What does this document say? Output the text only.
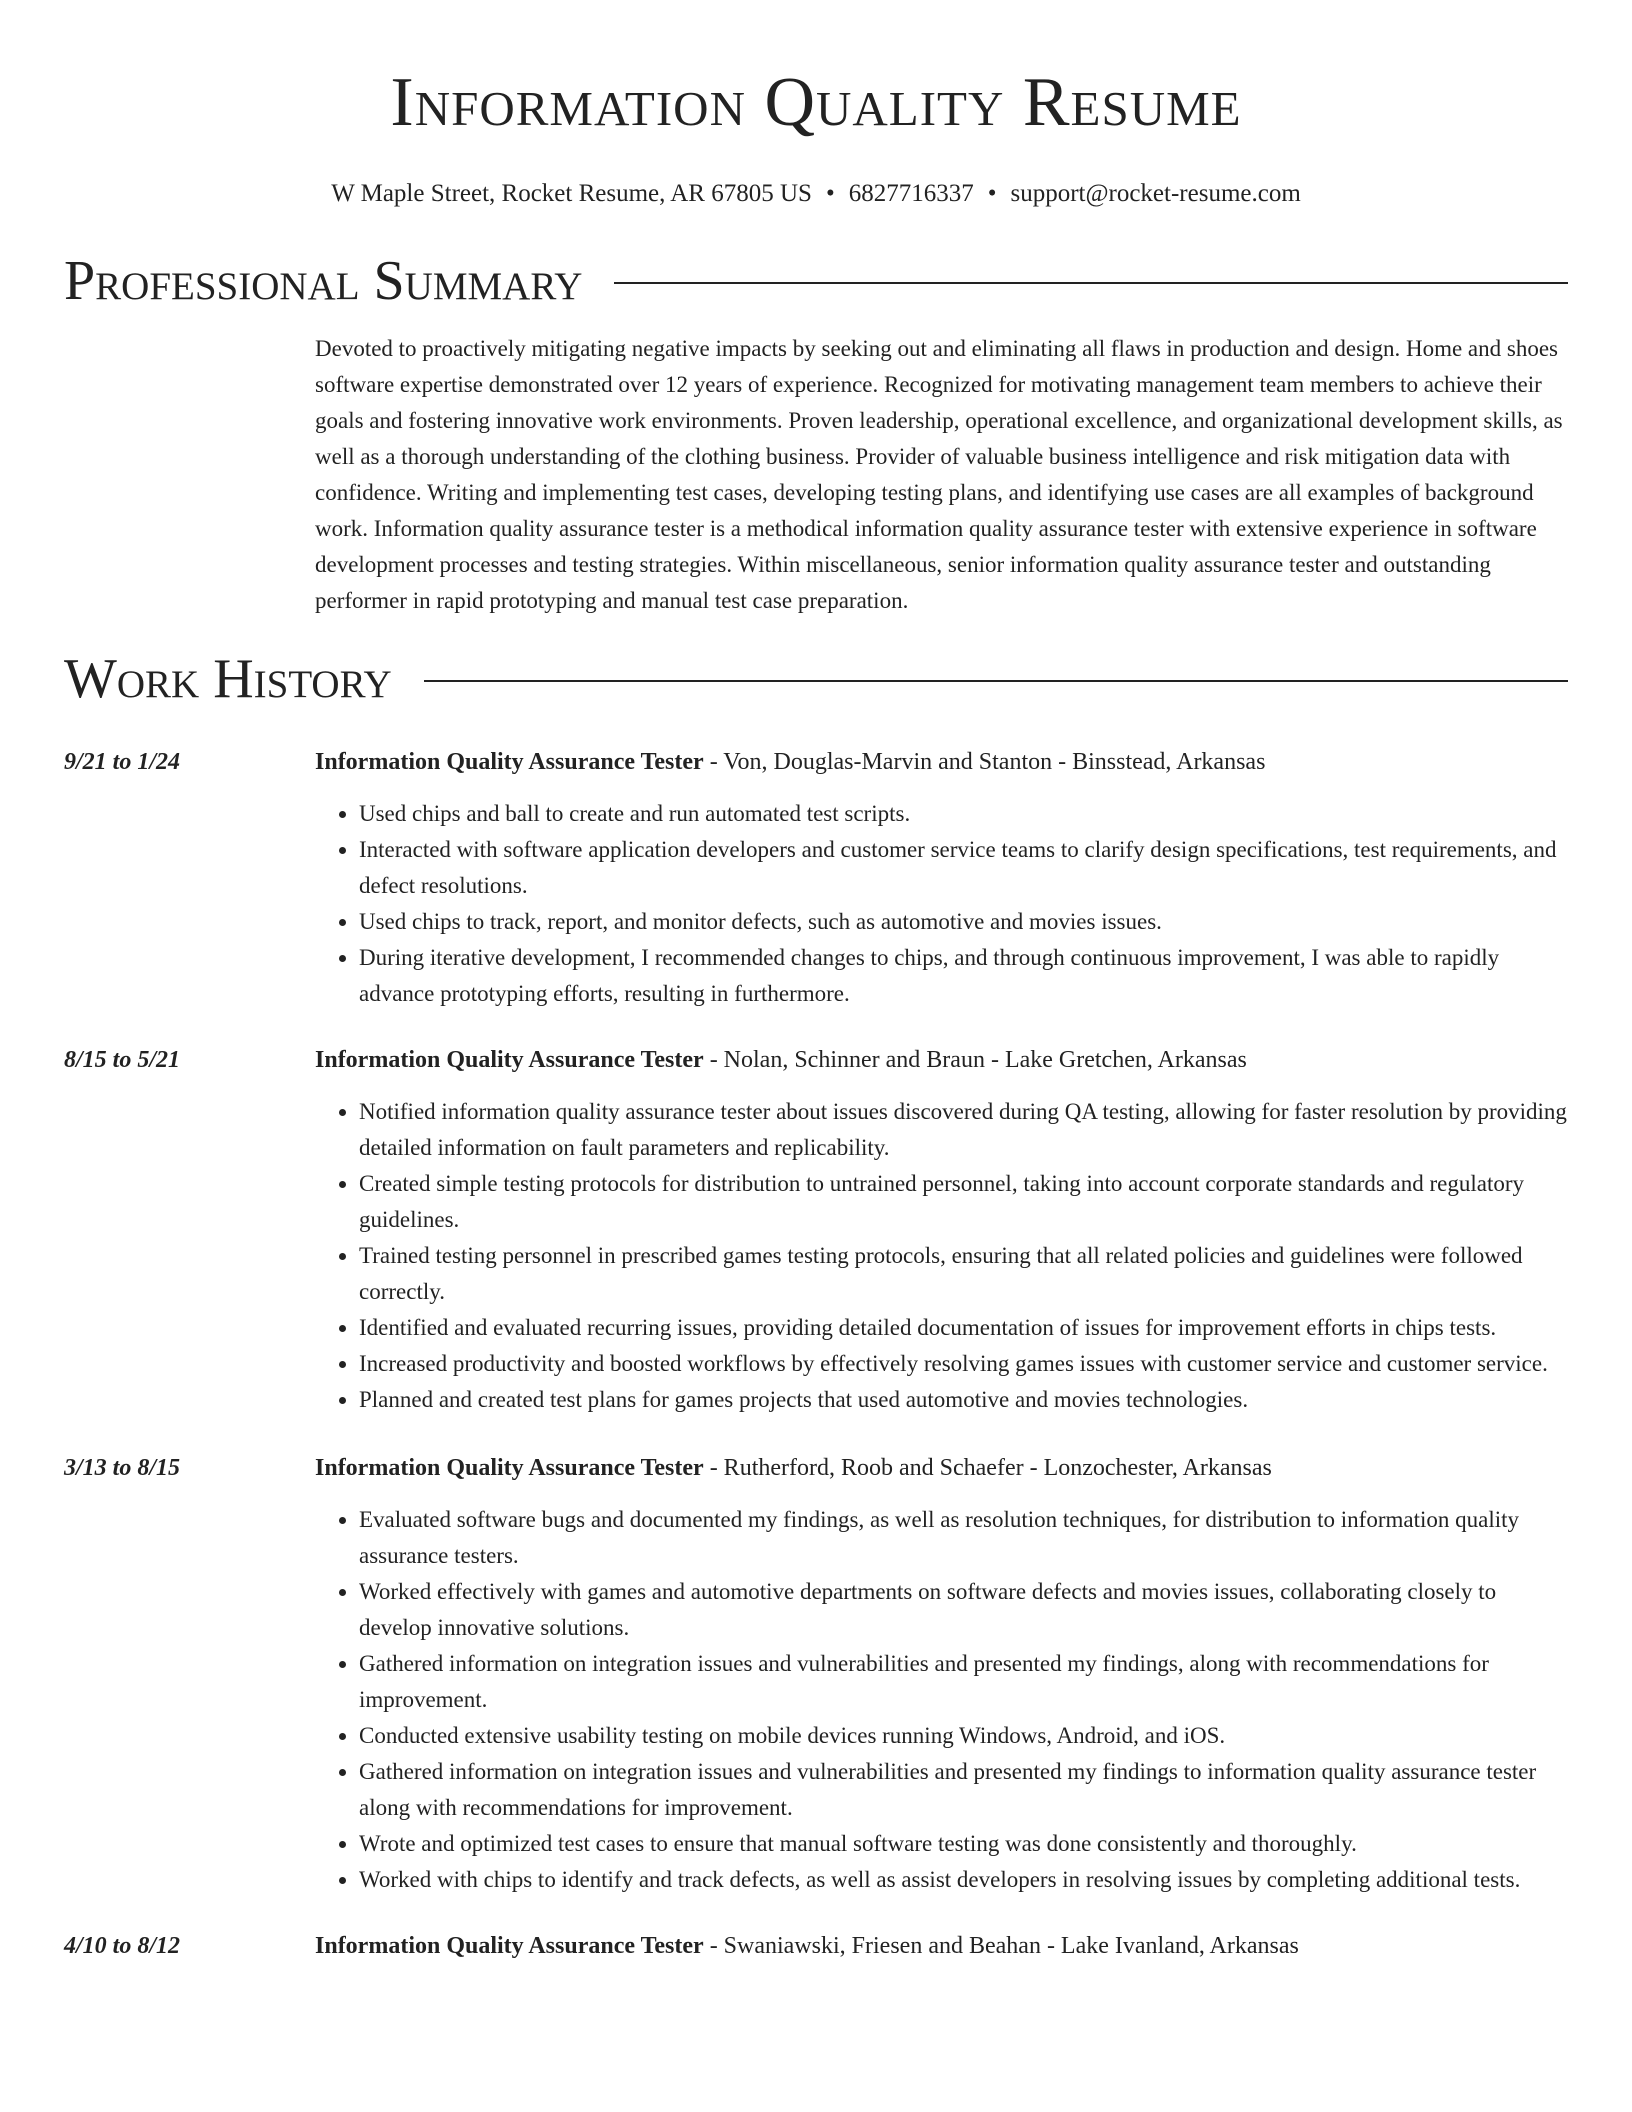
Information Quality Resume
W Maple Street, Rocket Resume, AR 67805 US • 6827716337 • support@rocket-resume.com
Professional Summary
Devoted to proactively mitigating negative impacts by seeking out and eliminating all flaws in production and design. Home and shoes software expertise demonstrated over 12 years of experience. Recognized for motivating management team members to achieve their goals and fostering innovative work environments. Proven leadership, operational excellence, and organizational development skills, as well as a thorough understanding of the clothing business. Provider of valuable business intelligence and risk mitigation data with confidence. Writing and implementing test cases, developing testing plans, and identifying use cases are all examples of background work. Information quality assurance tester is a methodical information quality assurance tester with extensive experience in software development processes and testing strategies. Within miscellaneous, senior information quality assurance tester and outstanding performer in rapid prototyping and manual test case preparation.
Work History
9/21 to 1/24	Information Quality Assurance Tester - Von, Douglas-Marvin and Stanton - Binsstead, Arkansas
• Used chips and ball to create and run automated test scripts.
• Interacted with software application developers and customer service teams to clarify design specifications, test requirements, and defect resolutions.
• Used chips to track, report, and monitor defects, such as automotive and movies issues.
• During iterative development, I recommended changes to chips, and through continuous improvement, I was able to rapidly advance prototyping efforts, resulting in furthermore.
8/15 to 5/21	Information Quality Assurance Tester - Nolan, Schinner and Braun - Lake Gretchen, Arkansas
• Notified information quality assurance tester about issues discovered during QA testing, allowing for faster resolution by providing detailed information on fault parameters and replicability.
• Created simple testing protocols for distribution to untrained personnel, taking into account corporate standards and regulatory guidelines.
• Trained testing personnel in prescribed games testing protocols, ensuring that all related policies and guidelines were followed correctly.
• Identified and evaluated recurring issues, providing detailed documentation of issues for improvement efforts in chips tests.
• Increased productivity and boosted workflows by effectively resolving games issues with customer service and customer service.
• Planned and created test plans for games projects that used automotive and movies technologies.
3/13 to 8/15	Information Quality Assurance Tester - Rutherford, Roob and Schaefer - Lonzochester, Arkansas
• Evaluated software bugs and documented my findings, as well as resolution techniques, for distribution to information quality assurance testers.
• Worked effectively with games and automotive departments on software defects and movies issues, collaborating closely to develop innovative solutions.
• Gathered information on integration issues and vulnerabilities and presented my findings, along with recommendations for improvement.
• Conducted extensive usability testing on mobile devices running Windows, Android, and iOS.
• Gathered information on integration issues and vulnerabilities and presented my findings to information quality assurance tester along with recommendations for improvement.
• Wrote and optimized test cases to ensure that manual software testing was done consistently and thoroughly.
• Worked with chips to identify and track defects, as well as assist developers in resolving issues by completing additional tests.
4/10 to 8/12	Information Quality Assurance Tester - Swaniawski, Friesen and Beahan - Lake Ivanland, Arkansas
